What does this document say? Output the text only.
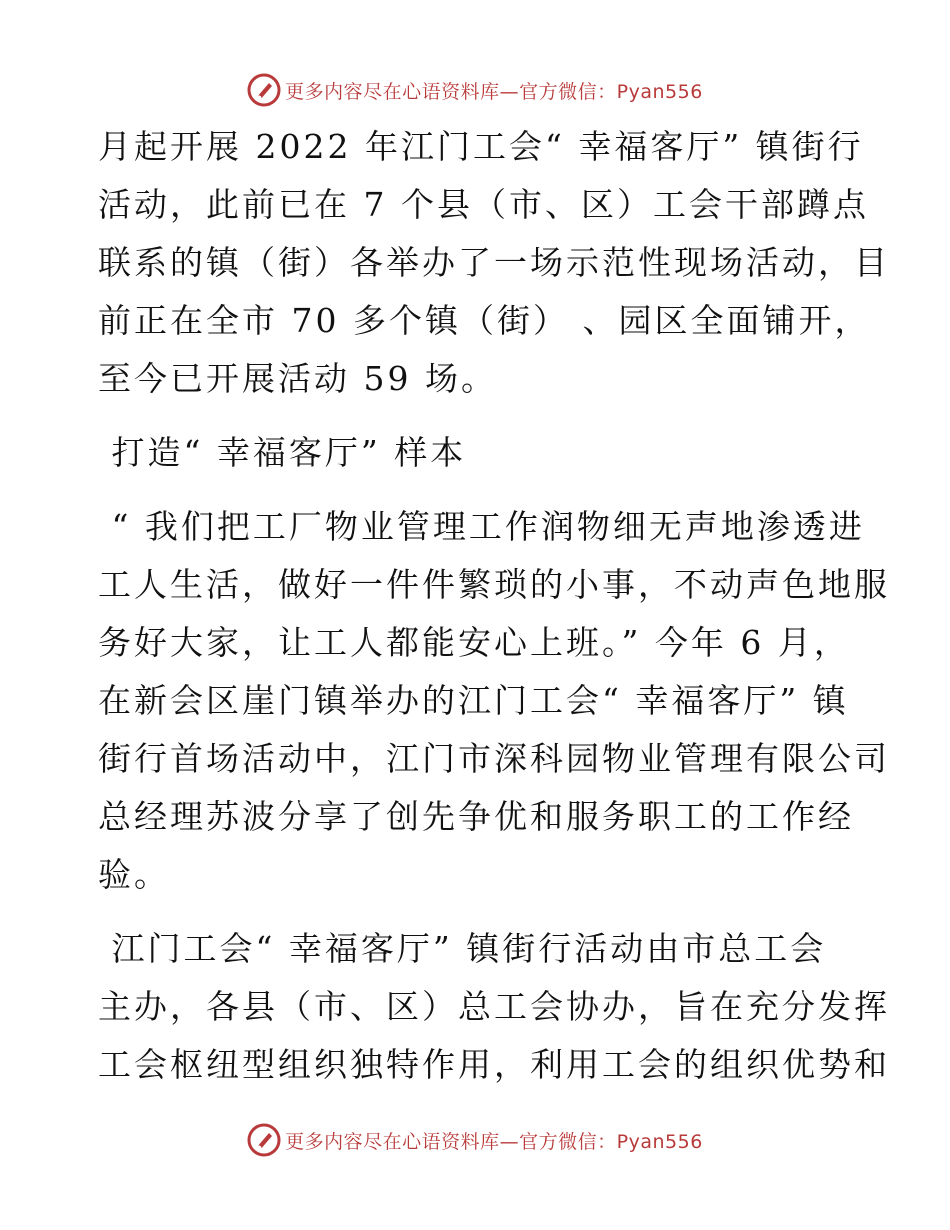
更多内容尽在心语资料库—官方微信：Pyan556
月起开展 2022 年江门工会“ 幸福客厅” 镇街行
活动，此前已在 7 个县（市、区）工会干部蹲点
联系的镇（街）各举办了一场示范性现场活动，目
前正在全市 70 多个镇（街） 、园区全面铺开，
至今已开展活动 59 场。
打造“ 幸福客厅” 样本
“ 我们把工厂物业管理工作润物细无声地渗透进
工人生活，做好一件件繁琐的小事，不动声色地服
务好大家，让工人都能安心上班。” 今年 6 月，
在新会区崖门镇举办的江门工会“ 幸福客厅” 镇
街行首场活动中，江门市深科园物业管理有限公司
总经理苏波分享了创先争优和服务职工的工作经
验。
江门工会“ 幸福客厅” 镇街行活动由市总工会
主办，各县（市、区）总工会协办，旨在充分发挥
工会枢纽型组织独特作用，利用工会的组织优势和
更多内容尽在心语资料库—官方微信：Pyan556
